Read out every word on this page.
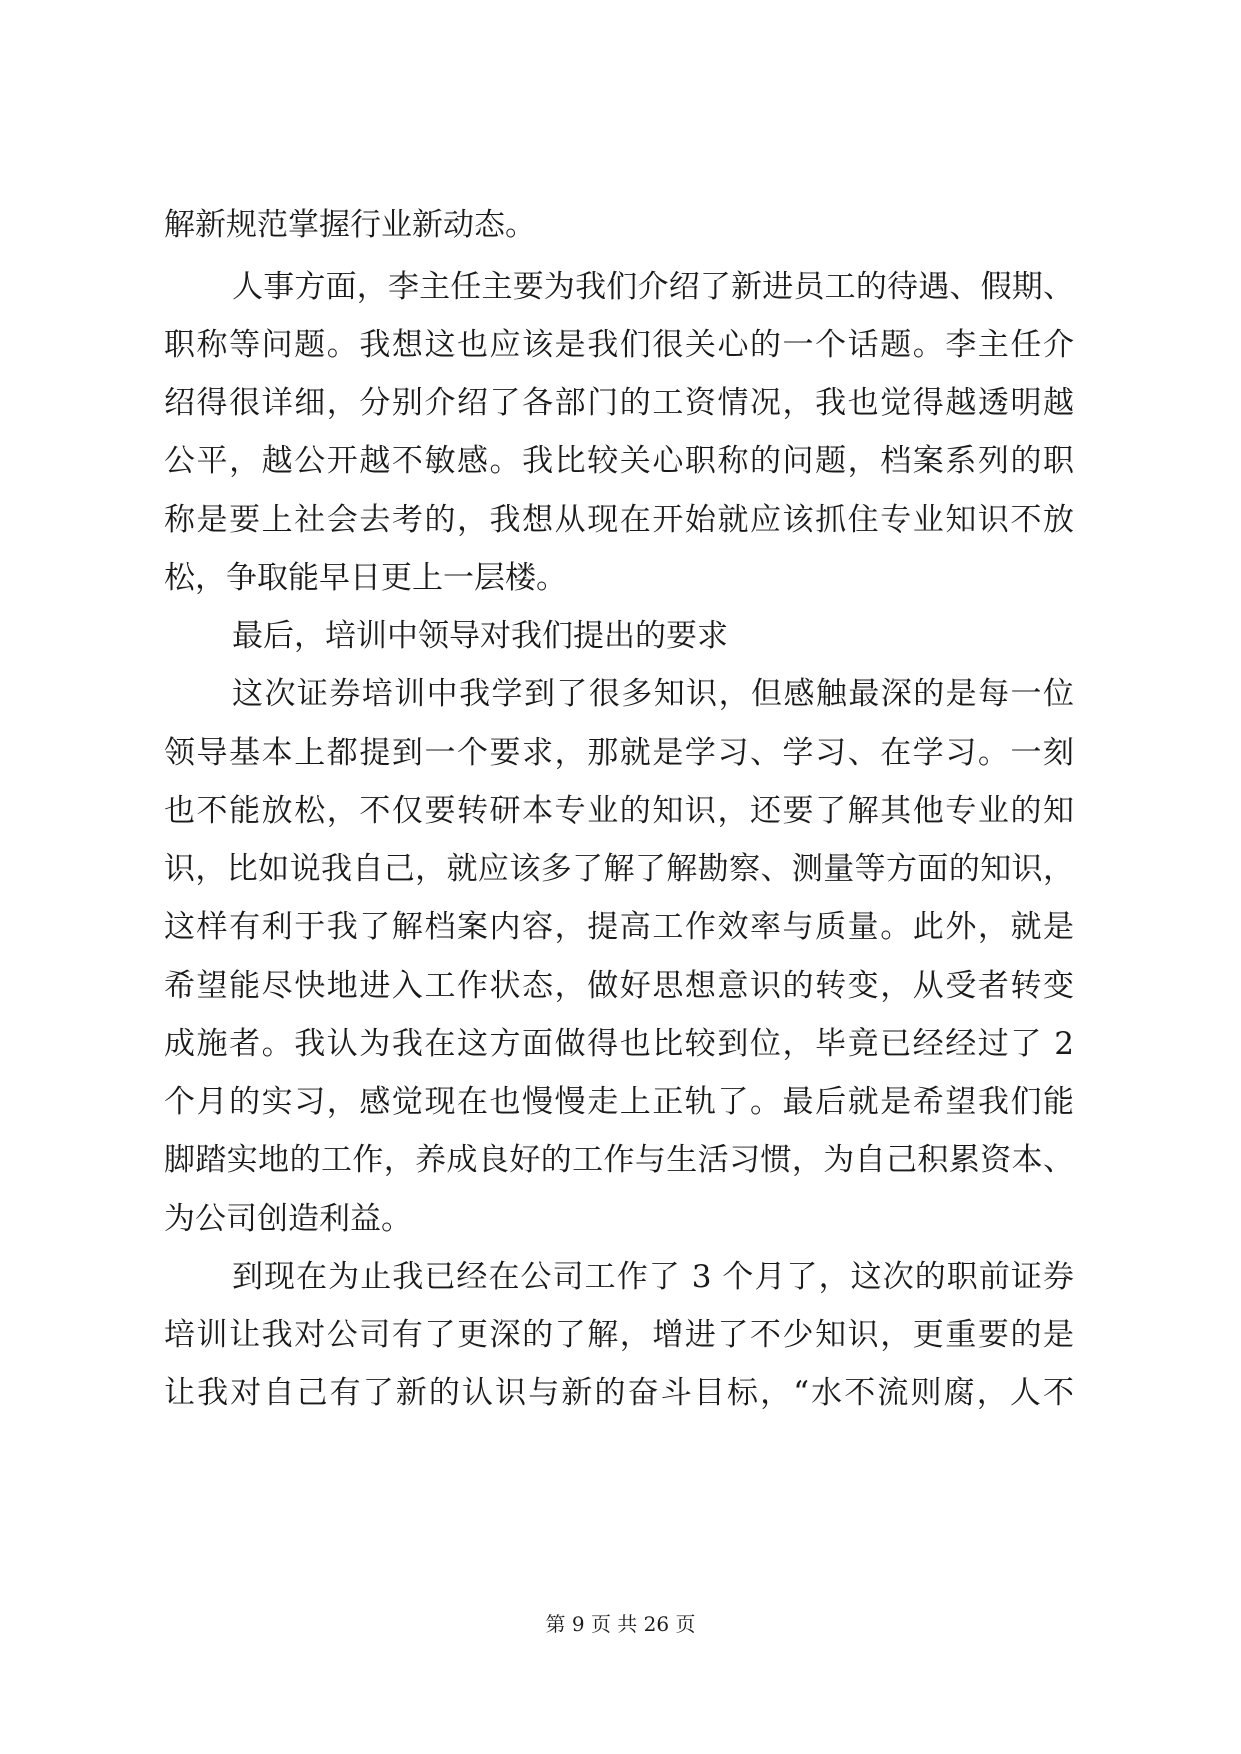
解新规范掌握行业新动态。
人事方面，李主任主要为我们介绍了新进员工的待遇、假期、
职称等问题。我想这也应该是我们很关心的一个话题。李主任介
绍得很详细，分别介绍了各部门的工资情况，我也觉得越透明越
公平，越公开越不敏感。我比较关心职称的问题，档案系列的职
称是要上社会去考的，我想从现在开始就应该抓住专业知识不放
松，争取能早日更上一层楼。
最后，培训中领导对我们提出的要求
这次证券培训中我学到了很多知识，但感触最深的是每一位
领导基本上都提到一个要求，那就是学习、学习、在学习。一刻
也不能放松，不仅要转研本专业的知识，还要了解其他专业的知
识，比如说我自己，就应该多了解了解勘察、测量等方面的知识，
这样有利于我了解档案内容，提高工作效率与质量。此外，就是
希望能尽快地进入工作状态，做好思想意识的转变，从受者转变
成施者。我认为我在这方面做得也比较到位，毕竟已经经过了 2
个月的实习，感觉现在也慢慢走上正轨了。最后就是希望我们能
脚踏实地的工作，养成良好的工作与生活习惯，为自己积累资本、
为公司创造利益。
到现在为止我已经在公司工作了 3 个月了，这次的职前证券
培训让我对公司有了更深的了解，增进了不少知识，更重要的是
让我对自己有了新的认识与新的奋斗目标，“水不流则腐，人不
第 9 页 共 26 页
